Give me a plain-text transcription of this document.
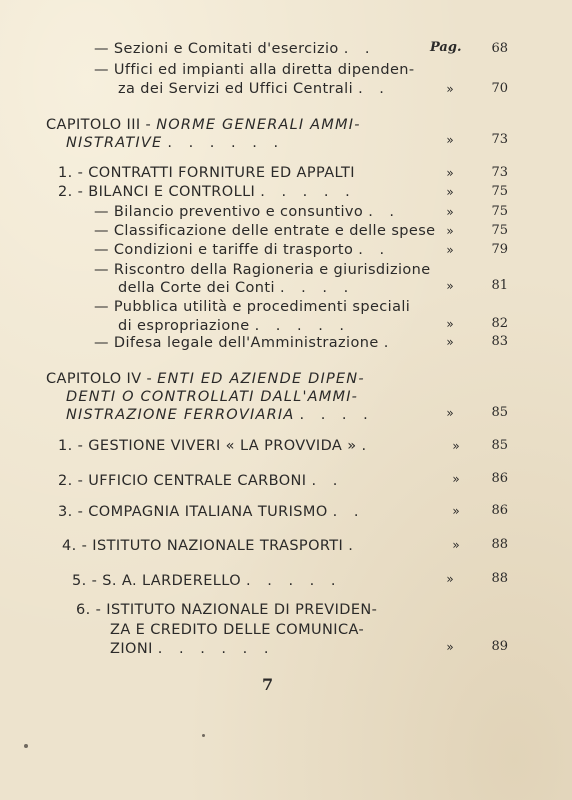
Pag.
— Sezioni e Comitati d'esercizio . .	68
— Uffici ed impianti alla diretta dipenden-
za dei Servizi ed Uffici Centrali . .	»	70
CAPITOLO III - NORME GENERALI AMMI-
NISTRATIVE . . . . . .	»	73
1. - CONTRATTI FORNITURE ED APPALTI	»	73
2. - BILANCI E CONTROLLI . . . . .	»	75
— Bilancio preventivo e consuntivo . .	»	75
— Classificazione delle entrate e delle spese »	75
— Condizioni e tariffe di trasporto . .	»	79
— Riscontro della Ragioneria e giurisdizione
della Corte dei Conti . . . .	»	81
— Pubblica utilità e procedimenti speciali
di espropriazione . . . . .	»	82
— Difesa legale dell'Amministrazione .	»	83
CAPITOLO IV - ENTI ED AZIENDE DIPEN-
DENTI O CONTROLLATI DALL'AMMI-
NISTRAZIONE FERROVIARIA . . . .	»	85
1. - GESTIONE VIVERI « LA PROVVIDA » .	»	85
2. - UFFICIO CENTRALE CARBONI . .	»	86
3. - COMPAGNIA ITALIANA TURISMO . .	»	86
4. - ISTITUTO NAZIONALE TRASPORTI .	»	88
5. - S. A. LARDERELLO . . . . .	»	88
6. - ISTITUTO NAZIONALE DI PREVIDEN-
ZA E CREDITO DELLE COMUNICA-
ZIONI . . . . . .	»	89
7
